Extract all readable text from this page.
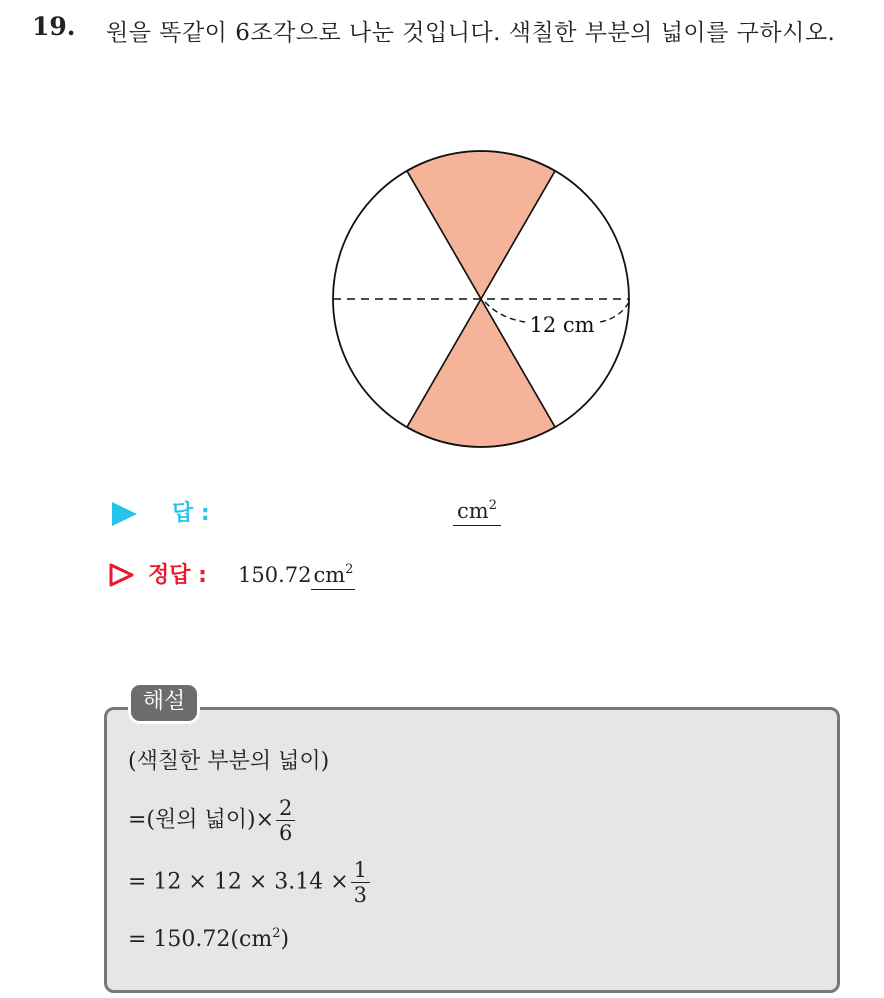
19. 원을 똑같이 6조각으로 나눈 것입니다. 색칠한 부분의 넓이를 구하시오.
12 cm
답 :	$cm^2$
정답 : $150.72cm^2$
해설
(색칠한 부분의 넓이)
=(원의 넓이)× $\frac{2}{6}$
= $12 \times 12 \times 3.14 \times \frac{1}{3}$
= $150.72(cm^2)$
